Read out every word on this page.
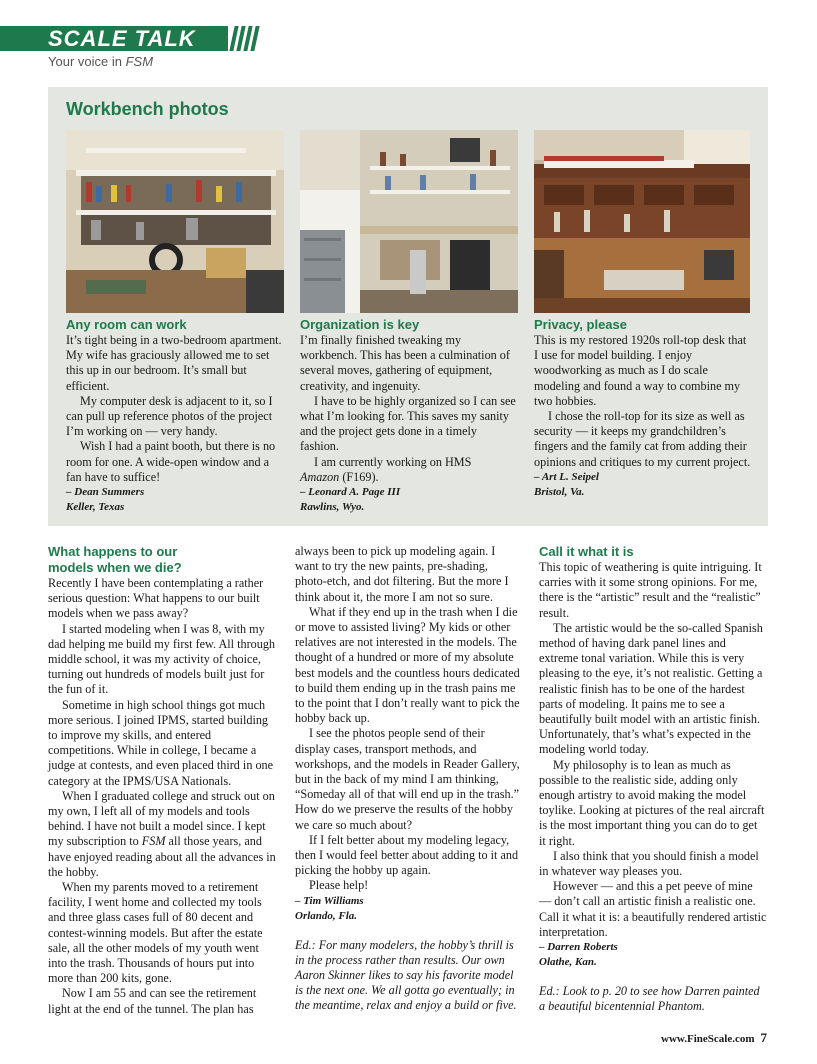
SCALE TALK
Your voice in FSM
Workbench photos
Any room can work

It’s tight being in a two-bedroom apartment. My wife has graciously allowed me to set this up in our bedroom. It’s small but efficient.

My computer desk is adjacent to it, so I can pull up reference photos of the project I’m working on — very handy.

Wish I had a paint booth, but there is no room for one. A wide-open window and a fan have to suffice!

– Dean Summers
Keller, Texas
Organization is key

I’m finally finished tweaking my workbench. This has been a culmination of several moves, gathering of equipment, creativity, and ingenuity.

I have to be highly organized so I can see what I’m looking for. This saves my sanity and the project gets done in a timely fashion.

I am currently working on HMS
Amazon (F169).

– Leonard A. Page III
Rawlins, Wyo.
Privacy, please

This is my restored 1920s roll-top desk that I use for model building. I enjoy woodworking as much as I do scale modeling and found a way to combine my two hobbies.

I chose the roll-top for its size as well as security — it keeps my grandchildren’s fingers and the family cat from adding their opinions and critiques to my current project.

– Art L. Seipel
Bristol, Va.
What happens to our models when we die?

Recently I have been contemplating a rather serious question: What happens to our built models when we pass away?

I started modeling when I was 8, with my dad helping me build my first few. All through middle school, it was my activity of choice, turning out hundreds of models built just for the fun of it.

Sometime in high school things got much more serious. I joined IPMS, started building to improve my skills, and entered competitions. While in college, I became a judge at contests, and even placed third in one category at the IPMS/USA Nationals.

When I graduated college and struck out on my own, I left all of my models and tools behind. I have not built a model since. I kept my subscription to FSM all those years, and have enjoyed reading about all the advances in the hobby.

When my parents moved to a retirement facility, I went home and collected my tools and three glass cases full of 80 decent and contest-winning models. But after the estate sale, all the other models of my youth went into the trash. Thousands of hours put into more than 200 kits, gone.

Now I am 55 and can see the retirement light at the end of the tunnel. The plan has

always been to pick up modeling again. I want to try the new paints, pre-shading, photo-etch, and dot filtering. But the more I think about it, the more I am not so sure.

What if they end up in the trash when I die or move to assisted living? My kids or other relatives are not interested in the models. The thought of a hundred or more of my absolute best models and the countless hours dedicated to build them ending up in the trash pains me to the point that I don’t really want to pick the hobby back up.

I see the photos people send of their display cases, transport methods, and workshops, and the models in Reader Gallery, but in the back of my mind I am thinking, “Someday all of that will end up in the trash.” How do we preserve the results of the hobby we care so much about?

If I felt better about my modeling legacy, then I would feel better about adding to it and picking the hobby up again.

Please help!

– Tim Williams
Orlando, Fla.

Ed.: For many modelers, the hobby’s thrill is in the process rather than results. Our own Aaron Skinner likes to say his favorite model is the next one. We all gotta go eventually; in the meantime, relax and enjoy a build or five.

Call it what it is

This topic of weathering is quite intriguing. It carries with it some strong opinions. For me, there is the “artistic” result and the “realistic” result.

The artistic would be the so-called Spanish method of having dark panel lines and extreme tonal variation. While this is very pleasing to the eye, it’s not realistic. Getting a realistic finish has to be one of the hardest parts of modeling. It pains me to see a beautifully built model with an artistic finish. Unfortunately, that’s what’s expected in the modeling world today.

My philosophy is to lean as much as possible to the realistic side, adding only enough artistry to avoid making the model toylike. Looking at pictures of the real aircraft is the most important thing you can do to get it right.

I also think that you should finish a model in whatever way pleases you.

However — and this a pet peeve of mine — don’t call an artistic finish a realistic one. Call it what it is: a beautifully rendered artistic interpretation.

– Darren Roberts
Olathe, Kan.

Ed.: Look to p. 20 to see how Darren painted a beautiful bicentennial Phantom.

www.FineScale.com 7
